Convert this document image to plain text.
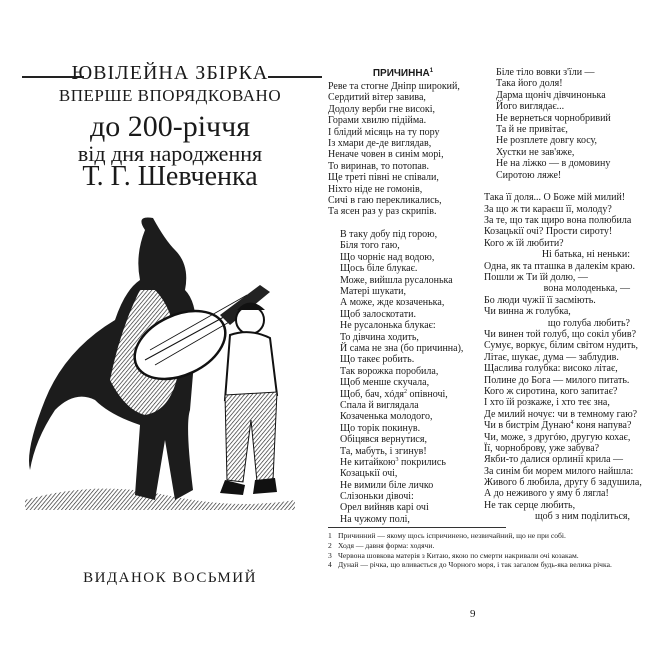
ЮВІЛЕЙНА ЗБІРКА
ВПЕРШЕ ВПОРЯДКОВАНО
до 200-річчя
від дня народження
Т. Г. Шевченка
ВИДАНОК ВОСЬМИЙ
ПРИЧИННА$^1$
Реве та стогне Дніпр широкий,
Сердитий вітер завива,
Додолу верби гне високі,
Горами хвилю підійма.
І блідий місяць на ту пору
Із хмари де-де виглядав,
Неначе човен в синім морі,
То виринав, то потопав.
Ще треті півні не співали,
Ніхто ніде не гомонів,
Сичі в гаю перекликались,
Та ясен раз у раз скрипів.
В таку добу під горою,
Біля того гаю,
Що чорніє над водою,
Щось біле блукає.
Може, вийшла русалонька
Матері шукати,
А може, жде козаченька,
Щоб залоскотати.
Не русалонька блукає:
То дівчина ходить,
Й сама не зна (бо причинна),
Що такеє робить.
Так ворожка поробила,
Щоб менше скучала,
Щоб, бач, хóдя$^2$ опівночі,
Спала й виглядала
Козаченька молодого,
Що торік покинув.
Обіцявся вернутися,
Та, мабуть, і згинув!
Не китайкою$^3$ покрились
Козацькії очі,
Не вимили біле личко
Слізоньки дівочі:
Орел вийняв карі очі
На чужому полі,
Біле тіло вовки з'їли —
Така його доля!
Дарма щоніч дівчинонька
Його виглядає...
Не вернеться чорнобривий
Та й не привітає,
Не розплете довгу косу,
Хустки не зав'яже,
Не на ліжко — в домовину
Сиротою ляже!
Така її доля... О Боже мій милий!
За що ж ти караєш її, молоду?
За те, що так щиро вона полюбила
Козацькії очі? Прости сироту!
Кого ж їй любити?
Ні батька, ні неньки:
Одна, як та пташка в далекім краю.
Пошли ж Ти їй долю, —
вона молоденька, —
Бо люди чужії її засміють.
Чи винна ж голубка,
що голуба любить?
Чи винен той голуб, що сокіл убив?
Сумує, воркує, білим світом нудить,
Літає, шукає, дума — заблудив.
Щаслива голубка: високо літає,
Полине до Бога — милого питать.
Кого ж сиротина, кого запитає?
І хто їй розкаже, і хто теє зна,
Де милий ночує: чи в темному гаю?
Чи в бистрім Дунаю$^4$ коня напува?
Чи, може, з другóю, другую кохає,
Її, чорноброву, уже забува?
Якби-то далися орлинії крила —
За синім би морем милого найшла:
Живого б любила, другу б задушила,
А до неживого у яму б лягла!
Не так серце любить,
щоб з ним поділиться,
1 Причинний — якому щось іспричинено, незвичайний, що не при собі.
2 Ходя — давня форма: ходячи.
3 Червона шовкова матерія з Китаю, якою по смерти накривали очі козакам.
4 Дунай — річка, що вливається до Чорного моря, і так загалом будь-яка велика річка.
9
